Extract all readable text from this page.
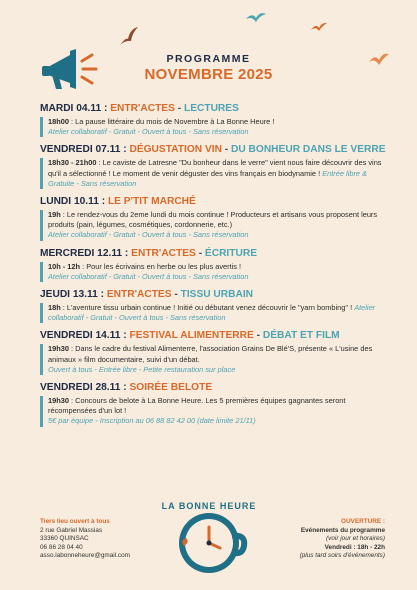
PROGRAMME
NOVEMBRE 2025
MARDI 04.11 : ENTR'ACTES - LECTURES
18h00 : La pause littéraire du mois de Novembre à La Bonne Heure !
Atelier collaboratif - Gratuit - Ouvert à tous - Sans réservation
VENDREDI 07.11 : DÉGUSTATION VIN - DU BONHEUR DANS LE VERRE
18h30 - 21h00 : Le caviste de Latresne "Du bonheur dans le verre" vient nous faire découvrir des vins qu'il a sélectionné ! Le moment de venir déguster des vins français en biodynamie ! Entrée libre & Gratuite - Sans réservation
LUNDI 10.11 : LE P'TIT MARCHÉ
19h : Le rendez-vous du 2eme lundi du mois continue ! Producteurs et artisans vous proposent leurs produits (pain, légumes, cosmétiques, cordonnerie, etc.)
Atelier collaboratif - Gratuit - Ouvert à tous - Sans réservation
MERCREDI 12.11 : ENTR'ACTES - ÉCRITURE
10h - 12h : Pour les écrivains en herbe ou les plus avertis !
Atelier collaboratif - Gratuit - Ouvert à tous - Sans réservation
JEUDI 13.11 : ENTR'ACTES - TISSU URBAIN
18h : L'aventure tissu urbain continue ! Initié ou débutant venez découvrir le "yarn bombing" ! Atelier collaboratif - Gratuit - Ouvert à tous - Sans réservation
VENDREDI 14.11 : FESTIVAL ALIMENTERRE - DÉBAT ET FILM
19h30 : Dans le cadre du festival Alimenterre, l'association Grains De Blé'S, présente « L'usine des animaux » film documentaire, suivi d'un débat.
Ouvert à tous - Entrée libre - Petite restauration sur place
VENDREDI 28.11 : SOIRÉE BELOTE
19h30 : Concours de belote à La Bonne Heure. Les 5 premières équipes gagnantes seront récompensées d'un lot !
5€ par équipe - Inscription au 06 88 82 42 00 (date limite 21/11)
Tiers lieu ouvert à tous
2 rue Gabriel Massias
33360 QUINSAC
06 86 28 04 40
asso.labonneheure@gmail.com
LA BONNE HEURE
OUVERTURE :
Evénements du programme
(voir jour et horaires)
Vendredi : 18h - 22h
(plus tard soirs d'événements)
